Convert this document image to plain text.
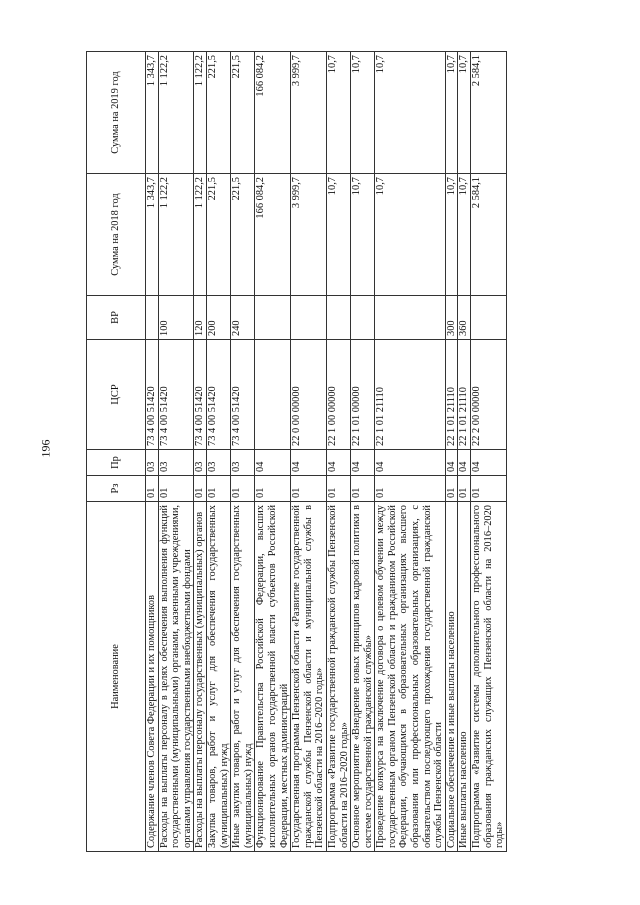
196
Наименование	Рз	Пр	ЦСР	ВР	Сумма на 2018 год	Сумма на 2019 год
Содержание членов Совета Федерации и их помощников	01	03	73 4 00 51420		1 343,7	1 343,7
Расходы на выплаты персоналу в целях обеспечения выполнения функций государственными (муниципальными) органами, казенными учреждениями, органами управления государственными внебюджетными фондами	01	03	73 4 00 51420	100	1 122,2	1 122,2
Расходы на выплаты персоналу государственных (муниципальных) органов	01	03	73 4 00 51420	120	1 122,2	1 122,2
Закупка товаров, работ и услуг для обеспечения государственных (муниципальных) нужд	01	03	73 4 00 51420	200	221,5	221,5
Иные закупки товаров, работ и услуг для обеспечения государственных (муниципальных) нужд	01	03	73 4 00 51420	240	221,5	221,5
Функционирование Правительства Российской Федерации, высших исполнительных органов государственной власти субъектов Российской Федерации, местных администраций	01	04			166 084,2	166 084,2
Государственная программа Пензенской области «Развитие государственной гражданской службы Пензенской области и муниципальной службы в Пензенской области на 2016–2020 годы»	01	04	22 0 00 00000		3 999,7	3 999,7
Подпрограмма «Развитие государственной гражданской службы Пензенской области на 2016–2020 годы»	01	04	22 1 00 00000		10,7	10,7
Основное мероприятие «Внедрение новых принципов кадровой политики в системе государственной гражданской службы»	01	04	22 1 01 00000		10,7	10,7
Проведение конкурса на заключение договора о целевом обучении между государственным органом Пензенской области и гражданином Российской Федерации, обучающимся в образовательных организациях высшего образования или профессиональных образовательных организациях, с обязательством последующего прохождения государственной гражданской службы Пензенской области	01	04	22 1 01 21110		10,7	10,7
Социальное обеспечение и иные выплаты населению	01	04	22 1 01 21110	300	10,7	10,7
Иные выплаты населению	01	04	22 1 01 21110	360	10,7	10,7
Подпрограмма «Развитие системы дополнительного профессионального образования гражданских служащих Пензенской области на 2016–2020 годы»	01	04	22 2 00 00000		2 584,1	2 584,1
